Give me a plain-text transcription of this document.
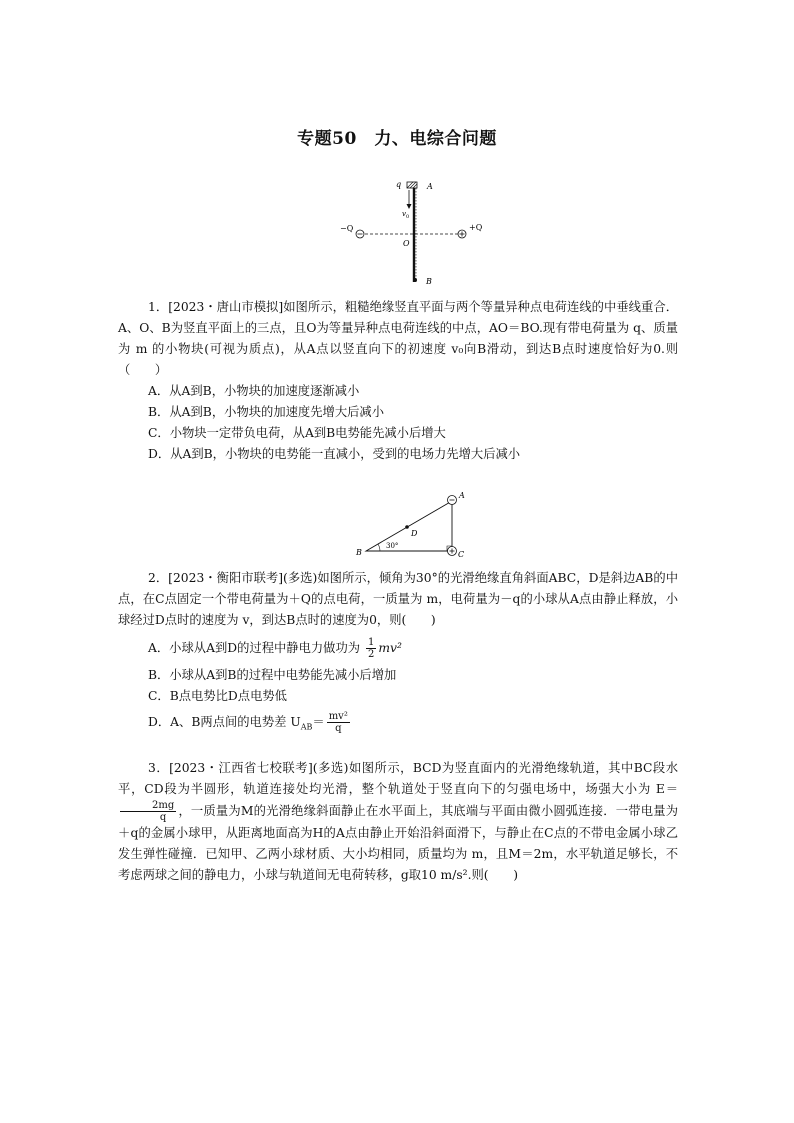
专题50　力、电综合问题
q	A
v 0
−Q	+Q
O
B

1．[2023・唐山市模拟]如图所示，粗糙绝缘竖直平面与两个等量异种点电荷连线的中垂线重合．A、O、B为竖直平面上的三点，且O为等量异种点电荷连线的中点，AO＝BO.现有带电荷量为 q、质量为 m 的小物块(可视为质点)，从A点以竖直向下的初速度 v₀向B滑动，到达B点时速度恰好为0.则（　　）

A．从A到B，小物块的加速度逐渐减小

B．从A到B，小物块的加速度先增大后减小

C．小物块一定带负电荷，从A到B电势能先减小后增大

D．从A到B，小物块的电势能一直减小，受到的电场力先增大后减小

A
B	C
D
30°

2．[2023・衡阳市联考](多选)如图所示，倾角为30°的光滑绝缘直角斜面ABC，D是斜边AB的中点，在C点固定一个带电荷量为＋Q的点电荷，一质量为 m，电荷量为－q的小球从A点由静止释放，小球经过D点时的速度为 v，到达B点时的速度为0，则(　　)

A．小球从A到D的过程中静电力做功为 $\frac{1}{2} mv^2$

B．小球从A到B的过程中电势能先减小后增加

C．B点电势比D点电势低

D．A、B两点间的电势差 $U_{AB}= \frac{\text{mv²}}{q}$

3．[2023・江西省七校联考](多选)如图所示，BCD为竖直面内的光滑绝缘轨道，其中BC段水平，CD段为半圆形，轨道连接处均光滑，整个轨道处于竖直向下的匀强电场中，场强大小为 E＝
$\frac{2mg}{q}$ ，一质量为M的光滑绝缘斜面静止在水平面上，其底端与平面由微小圆弧连接．一带电量为＋q的金属小球甲，从距离地面高为H的A点由静止开始沿斜面滑下，与静止在C点的不带电金属小球乙发生弹性碰撞．已知甲、乙两小球材质、大小均相同，质量均为 m，且M＝2m，水平轨道足够长，不考虑两球之间的静电力，小球与轨道间无电荷转移，g取10 m/s².则(　　)
